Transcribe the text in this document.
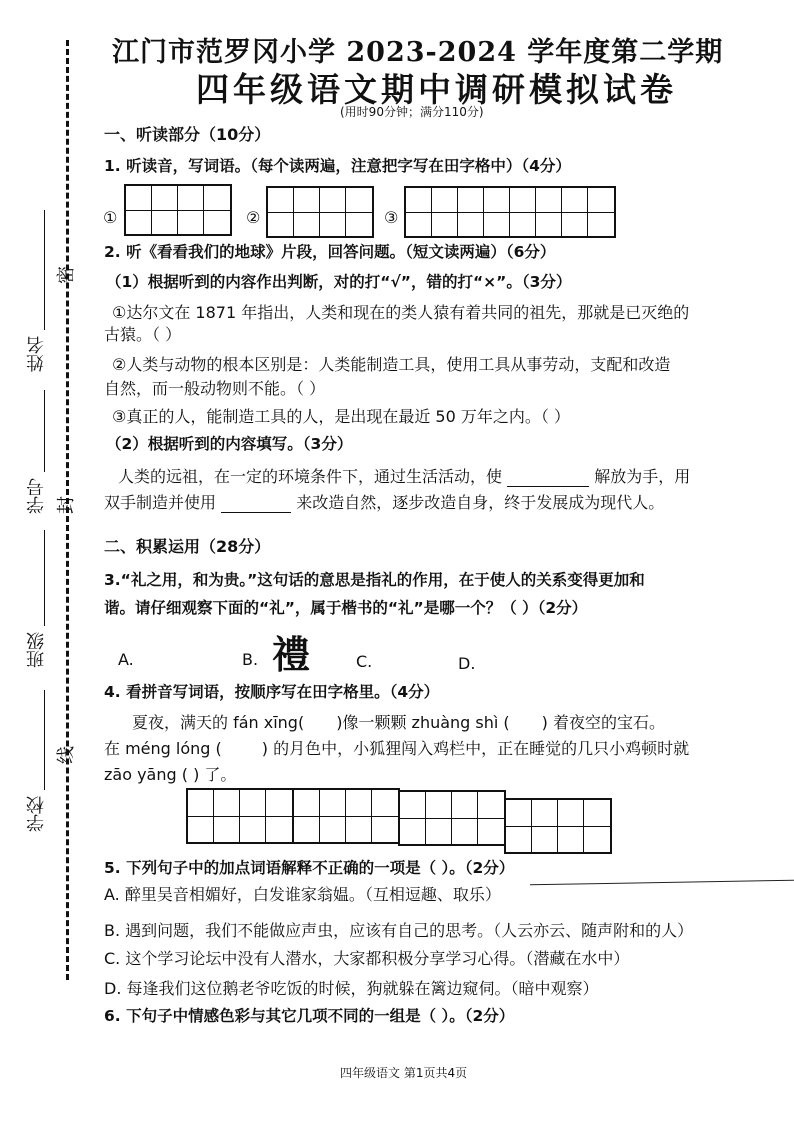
密
封
线
姓名
学号
班级
学校
江门市范罗冈小学 2023-2024 学年度第二学期
四年级语文期中调研模拟试卷
(用时90分钟；满分110分)
一、听读部分（10分）
1. 听读音，写词语。（每个读两遍，注意把字写在田字格中）（4分）
①	②	③
2. 听《看看我们的地球》片段，回答问题。（短文读两遍）（6分）
（1）根据听到的内容作出判断，对的打“√”，错的打“×”。（3分）
①达尔文在 1871 年指出，人类和现在的类人猿有着共同的祖先，那就是已灭绝的
古猿。（ ）
②人类与动物的根本区别是：人类能制造工具，使用工具从事劳动，支配和改造
自然，而一般动物则不能。（ ）
③真正的人，能制造工具的人，是出现在最近 50 万年之内。（ ）
（2）根据听到的内容填写。（3分）
人类的远祖，在一定的环境条件下，通过生活活动，使	解放为手，用
双手制造并使用	来改造自然，逐步改造自身，终于发展成为现代人。
二、积累运用（28分）
3.“礼之用，和为贵。”这句话的意思是指礼的作用，在于使人的关系变得更加和
谐。请仔细观察下面的“礼”，属于楷书的“礼”是哪一个？（ ）（2分）
A.	B. 禮	C.	D.
4. 看拼音写词语，按顺序写在田字格里。（4分）
夏夜，满天的 fán xīng( )像一颗颗 zhuàng shì ( ) 着夜空的宝石。
在 méng lóng (	) 的月色中，小狐狸闯入鸡栏中，正在睡觉的几只小鸡顿时就
zāo yāng ( ) 了。
5. 下列句子中的加点词语解释不正确的一项是（ ）。（2分）
A. 醉里吴音相媚好，白发谁家翁媪。（互相逗趣、取乐）
B. 遇到问题，我们不能做应声虫，应该有自己的思考。（人云亦云、随声附和的人）
C. 这个学习论坛中没有人潜水，大家都积极分享学习心得。（潜藏在水中）
D. 每逢我们这位鹅老爷吃饭的时候，狗就躲在篱边窥伺。（暗中观察）
6. 下句子中情感色彩与其它几项不同的一组是（ ）。（2分）
四年级语文 第1页共4页
